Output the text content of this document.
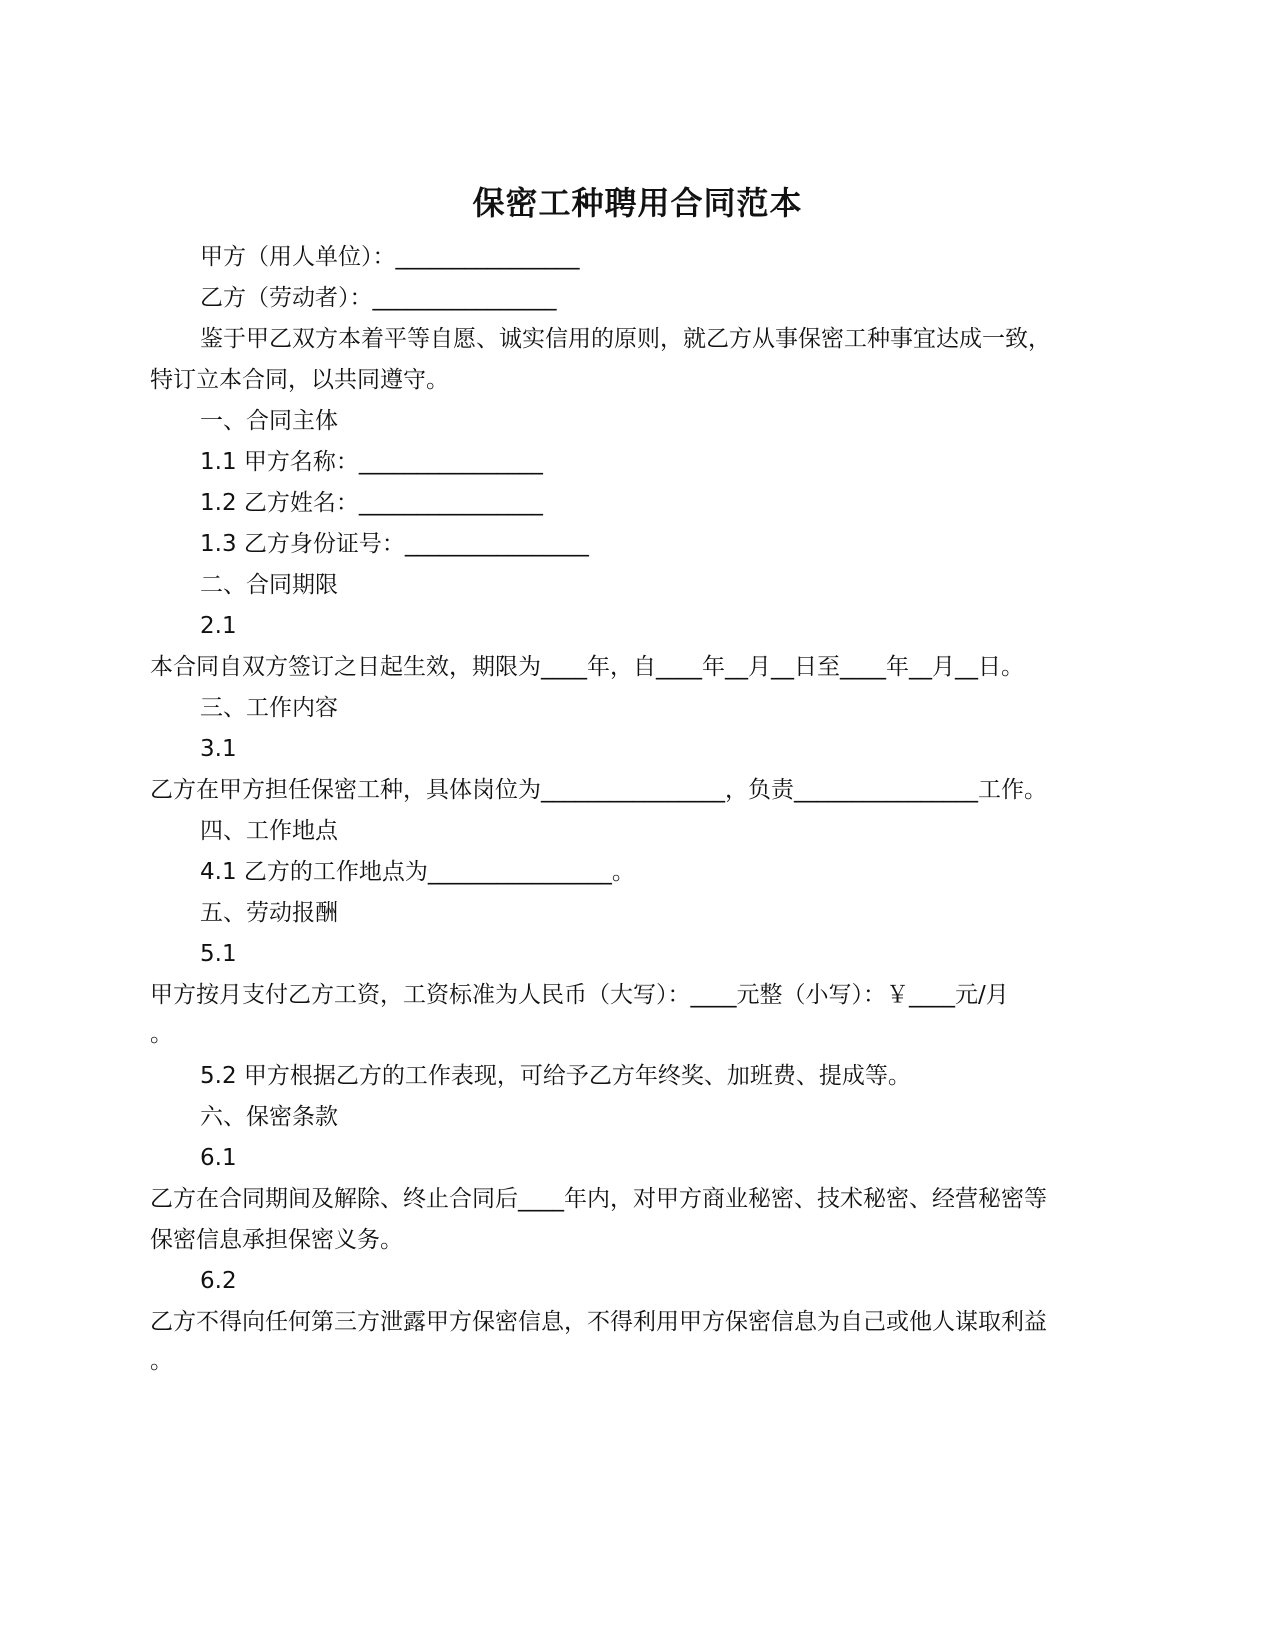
保密工种聘用合同范本
甲方（用人单位）：________________
乙方（劳动者）：________________
鉴于甲乙双方本着平等自愿、诚实信用的原则，就乙方从事保密工种事宜达成一致，
特订立本合同，以共同遵守。
一、合同主体
1.1 甲方名称：________________
1.2 乙方姓名：________________
1.3 乙方身份证号：________________
二、合同期限
2.1
本合同自双方签订之日起生效，期限为____年，自____年__月__日至____年__月__日。
三、工作内容
3.1
乙方在甲方担任保密工种，具体岗位为________________，负责________________工作。
四、工作地点
4.1 乙方的工作地点为________________。
五、劳动报酬
5.1
甲方按月支付乙方工资，工资标准为人民币（大写）：____元整（小写）：￥____元/月
。
5.2 甲方根据乙方的工作表现，可给予乙方年终奖、加班费、提成等。
六、保密条款
6.1
乙方在合同期间及解除、终止合同后____年内，对甲方商业秘密、技术秘密、经营秘密等
保密信息承担保密义务。
6.2
乙方不得向任何第三方泄露甲方保密信息，不得利用甲方保密信息为自己或他人谋取利益
。
